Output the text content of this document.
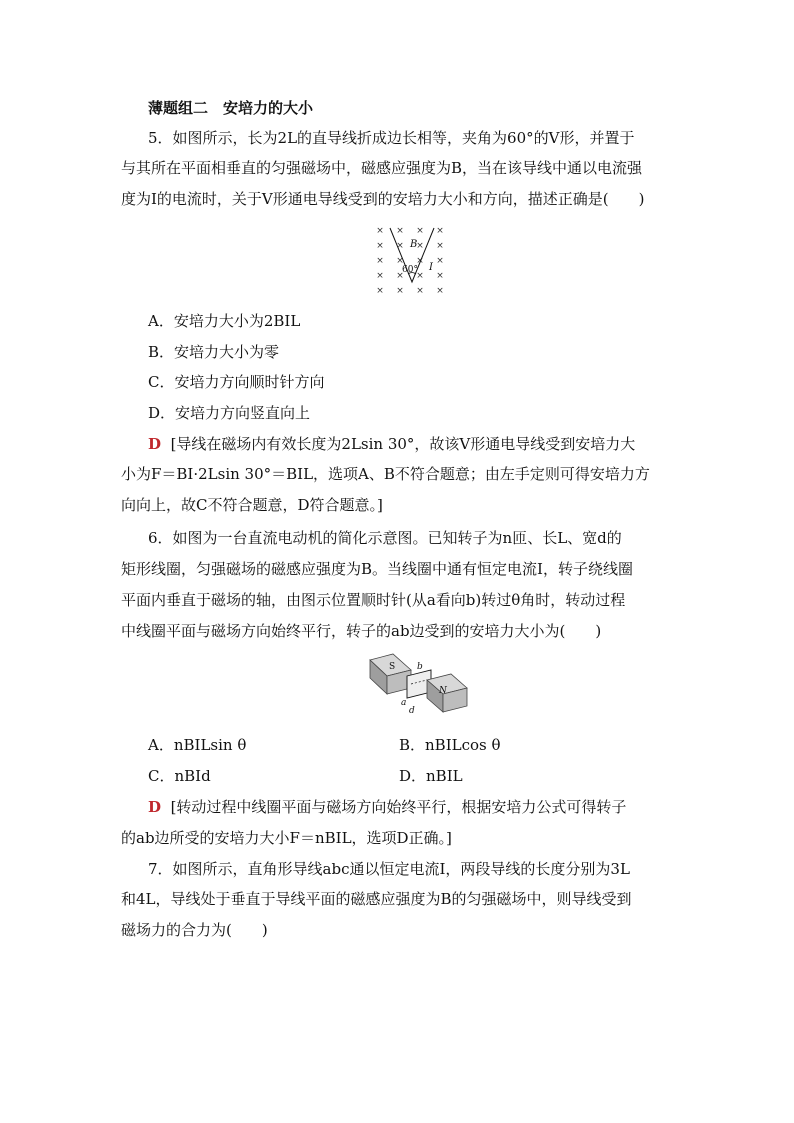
薄题组二　安培力的大小
5．如图所示，长为2L的直导线折成边长相等，夹角为60°的V形，并置于
与其所在平面相垂直的匀强磁场中，磁感应强度为B，当在该导线中通以电流强
度为I的电流时，关于V形通电导线受到的安培力大小和方向，描述正确是(　　)
× × × ×
× × × ×
× × × ×
× × × ×
× × × ×
B
60° I
A．安培力大小为2BIL
B．安培力大小为零
C．安培力方向顺时针方向
D．安培力方向竖直向上
D [导线在磁场内有效长度为2Lsin 30°，故该V形通电导线受到安培力大
小为F＝BI·2Lsin 30°＝BIL，选项A、B不符合题意；由左手定则可得安培力方
向向上，故C不符合题意，D符合题意。]
6．如图为一台直流电动机的简化示意图。已知转子为n匝、长L、宽d的
矩形线圈，匀强磁场的磁感应强度为B。当线圈中通有恒定电流I，转子绕线圈
平面内垂直于磁场的轴，由图示位置顺时针(从a看向b)转过θ角时，转动过程
中线圈平面与磁场方向始终平行，转子的ab边受到的安培力大小为(　　)
S
N
b
a
d
A．nBILsin θ	B．nBILcos θ
C．nBId	D．nBIL
D [转动过程中线圈平面与磁场方向始终平行，根据安培力公式可得转子
的ab边所受的安培力大小F＝nBIL，选项D正确。]
7．如图所示，直角形导线abc通以恒定电流I，两段导线的长度分别为3L
和4L，导线处于垂直于导线平面的磁感应强度为B的匀强磁场中，则导线受到
磁场力的合力为(　　)
